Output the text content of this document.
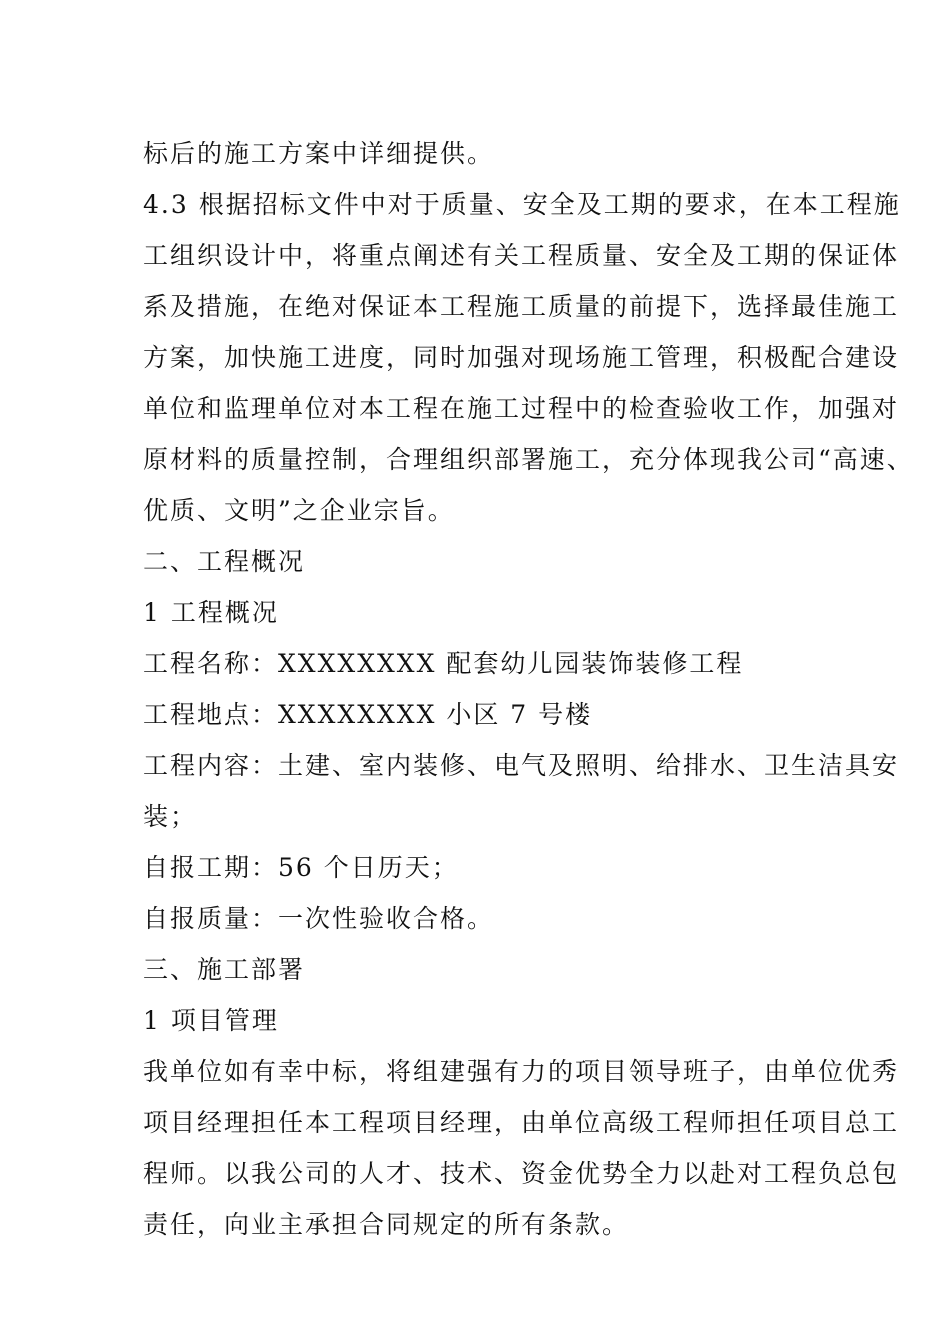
标后的施工方案中详细提供。
4.3 根据招标文件中对于质量、安全及工期的要求，在本工程施
工组织设计中，将重点阐述有关工程质量、安全及工期的保证体
系及措施，在绝对保证本工程施工质量的前提下，选择最佳施工
方案，加快施工进度，同时加强对现场施工管理，积极配合建设
单位和监理单位对本工程在施工过程中的检查验收工作，加强对
原材料的质量控制，合理组织部署施工，充分体现我公司“高速、
优质、文明”之企业宗旨。
二、工程概况
1 工程概况
工程名称：XXXXXXXX 配套幼儿园装饰装修工程
工程地点：XXXXXXXX 小区 7 号楼
工程内容：土建、室内装修、电气及照明、给排水、卫生洁具安
装；
自报工期：56 个日历天；
自报质量：一次性验收合格。
三、施工部署
1 项目管理
我单位如有幸中标，将组建强有力的项目领导班子，由单位优秀
项目经理担任本工程项目经理，由单位高级工程师担任项目总工
程师。以我公司的人才、技术、资金优势全力以赴对工程负总包
责任，向业主承担合同规定的所有条款。
